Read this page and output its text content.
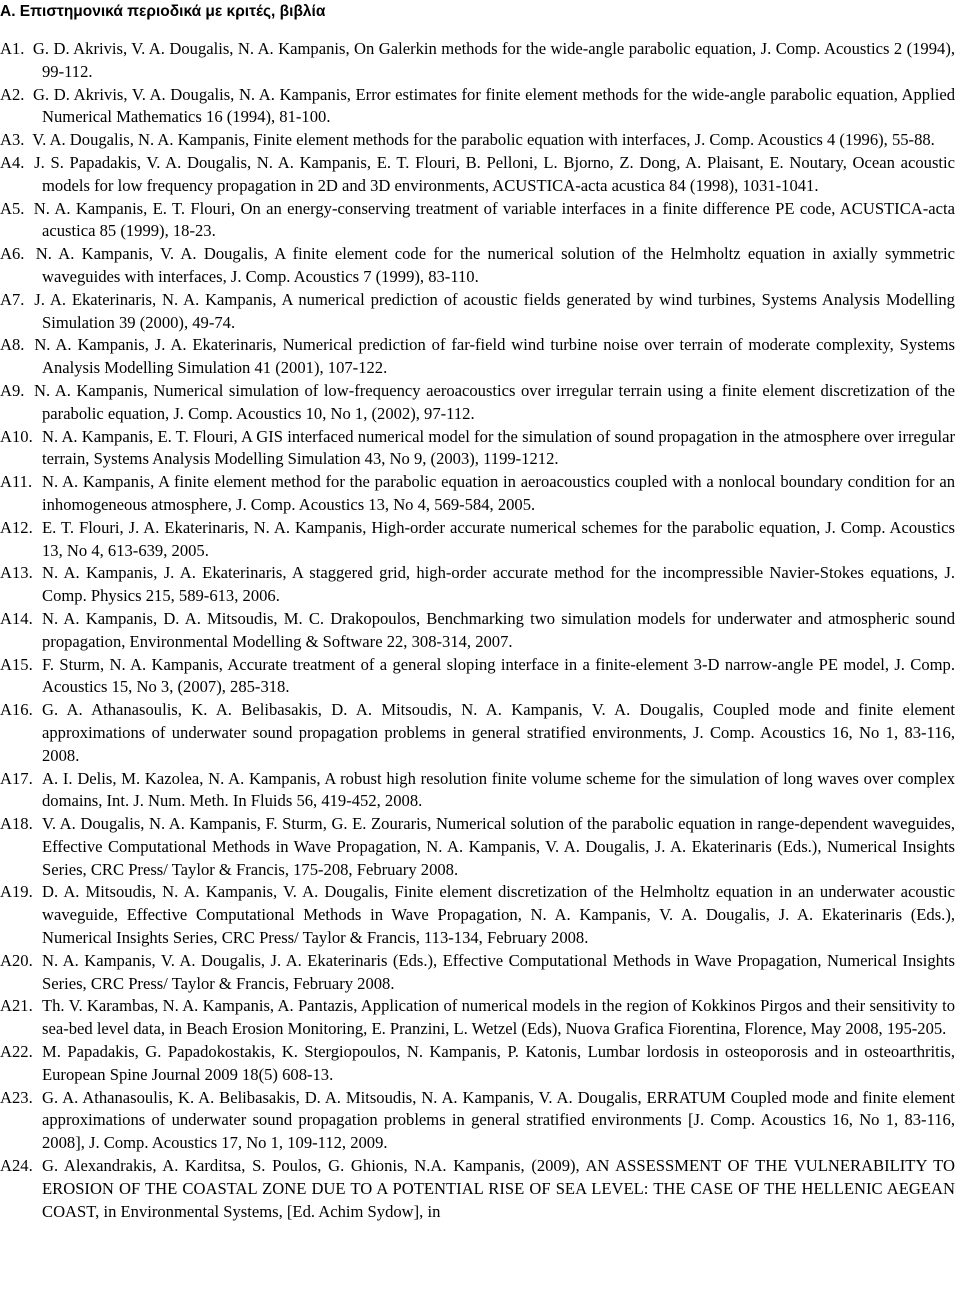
Α. Επιστημονικά περιοδικά με κριτές, βιβλία
A1. G. D. Akrivis, V. A. Dougalis, N. A. Kampanis, On Galerkin methods for the wide-angle parabolic equation, J. Comp. Acoustics 2 (1994), 99-112.
A2. G. D. Akrivis, V. A. Dougalis, N. A. Kampanis, Error estimates for finite element methods for the wide-angle parabolic equation, Applied Numerical Mathematics 16 (1994), 81-100.
A3. V. A. Dougalis, N. A. Kampanis, Finite element methods for the parabolic equation with interfaces, J. Comp. Acoustics 4 (1996), 55-88.
A4. J. S. Papadakis, V. A. Dougalis, N. A. Kampanis, E. T. Flouri, B. Pelloni, L. Bjorno, Z. Dong, A. Plaisant, E. Noutary, Ocean acoustic models for low frequency propagation in 2D and 3D environments, ACUSTICA-acta acustica 84 (1998), 1031-1041.
A5. N. A. Kampanis, E. T. Flouri, On an energy-conserving treatment of variable interfaces in a finite difference PE code, ACUSTICA-acta acustica 85 (1999), 18-23.
A6. N. A. Kampanis, V. A. Dougalis, A finite element code for the numerical solution of the Helmholtz equation in axially symmetric waveguides with interfaces, J. Comp. Acoustics 7 (1999), 83-110.
A7. J. A. Ekaterinaris, N. A. Kampanis, A numerical prediction of acoustic fields generated by wind turbines, Systems Analysis Modelling Simulation 39 (2000), 49-74.
A8. N. A. Kampanis, J. A. Ekaterinaris, Numerical prediction of far-field wind turbine noise over terrain of moderate complexity, Systems Analysis Modelling Simulation 41 (2001), 107-122.
A9. N. A. Kampanis, Numerical simulation of low-frequency aeroacoustics over irregular terrain using a finite element discretization of the parabolic equation, J. Comp. Acoustics 10, No 1, (2002), 97-112.
A10. N. A. Kampanis, E. T. Flouri, A GIS interfaced numerical model for the simulation of sound propagation in the atmosphere over irregular terrain, Systems Analysis Modelling Simulation 43, No 9, (2003), 1199-1212.
A11. N. A. Kampanis, A finite element method for the parabolic equation in aeroacoustics coupled with a nonlocal boundary condition for an inhomogeneous atmosphere, J. Comp. Acoustics 13, No 4, 569-584, 2005.
A12. E. T. Flouri, J. A. Ekaterinaris, N. A. Kampanis, High-order accurate numerical schemes for the parabolic equation, J. Comp. Acoustics 13, No 4, 613-639, 2005.
A13. N. A. Kampanis, J. A. Ekaterinaris, A staggered grid, high-order accurate method for the incompressible Navier-Stokes equations, J. Comp. Physics 215, 589-613, 2006.
A14. N. A. Kampanis, D. A. Mitsoudis, M. C. Drakopoulos, Benchmarking two simulation models for underwater and atmospheric sound propagation, Environmental Modelling & Software 22, 308-314, 2007.
A15. F. Sturm, N. A. Kampanis, Accurate treatment of a general sloping interface in a finite-element 3-D narrow-angle PE model, J. Comp. Acoustics 15, No 3, (2007), 285-318.
A16. G. A. Athanasoulis, K. A. Belibasakis, D. A. Mitsoudis, N. A. Kampanis, V. A. Dougalis, Coupled mode and finite element approximations of underwater sound propagation problems in general stratified environments, J. Comp. Acoustics 16, No 1, 83-116, 2008.
A17. A. I. Delis, M. Kazolea, N. A. Kampanis, A robust high resolution finite volume scheme for the simulation of long waves over complex domains, Int. J. Num. Meth. In Fluids 56, 419-452, 2008.
A18. V. A. Dougalis, N. A. Kampanis, F. Sturm, G. E. Zouraris, Numerical solution of the parabolic equation in range-dependent waveguides, Effective Computational Methods in Wave Propagation, N. A. Kampanis, V. A. Dougalis, J. A. Ekaterinaris (Eds.), Numerical Insights Series, CRC Press/ Taylor & Francis, 175-208, February 2008.
A19. D. A. Mitsoudis, N. A. Kampanis, V. A. Dougalis, Finite element discretization of the Helmholtz equation in an underwater acoustic waveguide, Effective Computational Methods in Wave Propagation, N. A. Kampanis, V. A. Dougalis, J. A. Ekaterinaris (Eds.), Numerical Insights Series, CRC Press/ Taylor & Francis, 113-134, February 2008.
A20. N. A. Kampanis, V. A. Dougalis, J. A. Ekaterinaris (Eds.), Effective Computational Methods in Wave Propagation, Numerical Insights Series, CRC Press/ Taylor & Francis, February 2008.
A21. Th. V. Karambas, N. A. Kampanis, A. Pantazis, Application of numerical models in the region of Kokkinos Pirgos and their sensitivity to sea-bed level data, in Beach Erosion Monitoring, E. Pranzini, L. Wetzel (Eds), Nuova Grafica Fiorentina, Florence, May 2008, 195-205.
A22. M. Papadakis, G. Papadokostakis, K. Stergiopoulos, N. Kampanis, P. Katonis, Lumbar lordosis in osteoporosis and in osteoarthritis, European Spine Journal 2009 18(5) 608-13.
A23. G. A. Athanasoulis, K. A. Belibasakis, D. A. Mitsoudis, N. A. Kampanis, V. A. Dougalis, ERRATUM Coupled mode and finite element approximations of underwater sound propagation problems in general stratified environments [J. Comp. Acoustics 16, No 1, 83-116, 2008], J. Comp. Acoustics 17, No 1, 109-112, 2009.
A24. G. Alexandrakis, A. Karditsa, S. Poulos, G. Ghionis, N.A. Kampanis, (2009), AN ASSESSMENT OF THE VULNERABILITY TO EROSION OF THE COASTAL ZONE DUE TO A POTENTIAL RISE OF SEA LEVEL: THE CASE OF THE HELLENIC AEGEAN COAST, in Environmental Systems, [Ed. Achim Sydow], in
